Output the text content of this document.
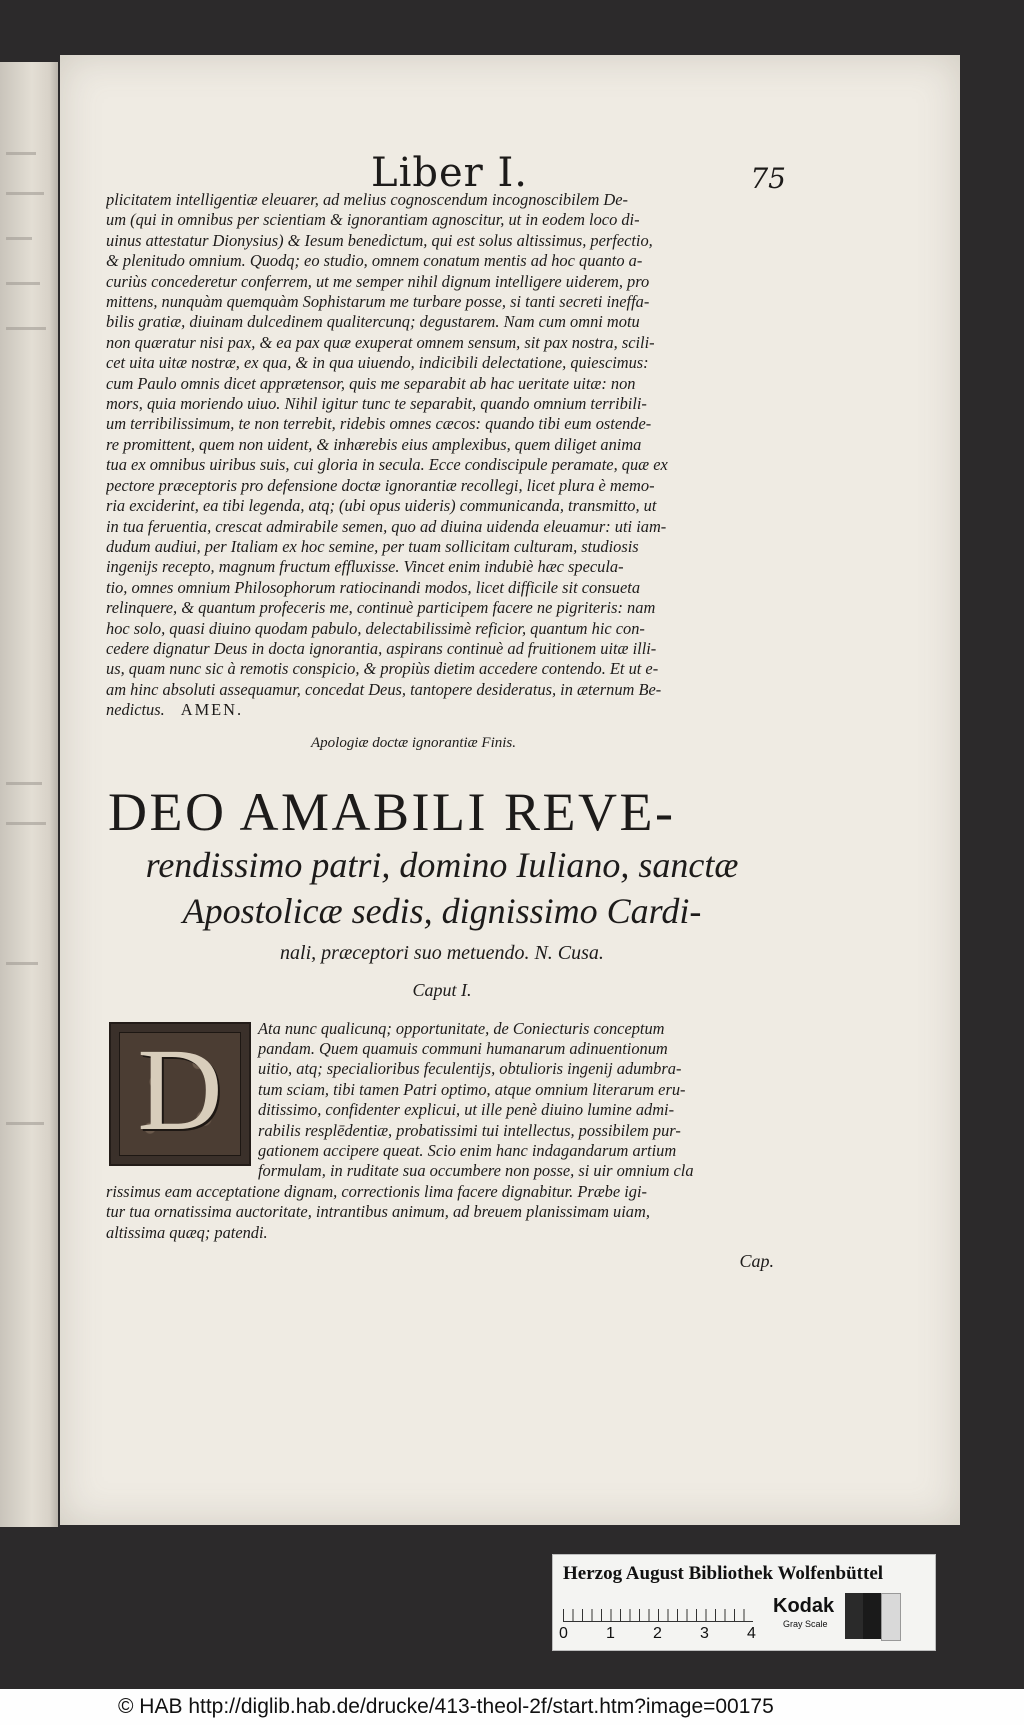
Liber I.	75
plicitatem intelligentiæ eleuarer, ad melius cognoscendum incognoscibilem De-
um (qui in omnibus per scientiam & ignorantiam agnoscitur, ut in eodem loco di-
uinus attestatur Dionysius) & Iesum benedictum, qui est solus altissimus, perfectio,
& plenitudo omnium. Quodq; eo studio, omnem conatum mentis ad hoc quanto a-
curiùs concederetur conferrem, ut me semper nihil dignum intelligere uiderem, pro
mittens, nunquàm quemquàm Sophistarum me turbare posse, si tanti secreti ineffa-
bilis gratiæ, diuinam dulcedinem qualitercunq; degustarem. Nam cum omni motu
non quæratur nisi pax, & ea pax quæ exuperat omnem sensum, sit pax nostra, scili-
cet uita uitæ nostræ, ex qua, & in qua uiuendo, indicibili delectatione, quiescimus:
cum Paulo omnis dicet apprætensor, quis me separabit ab hac ueritate uitæ: non
mors, quia moriendo uiuo. Nihil igitur tunc te separabit, quando omnium terribili-
um terribilissimum, te non terrebit, ridebis omnes cæcos: quando tibi eum ostende-
re promittent, quem non uident, & inhærebis eius amplexibus, quem diliget anima
tua ex omnibus uiribus suis, cui gloria in secula. Ecce condiscipule peramate, quæ ex
pectore præceptoris pro defensione doctæ ignorantiæ recollegi, licet plura è memo-
ria exciderint, ea tibi legenda, atq; (ubi opus uideris) communicanda, transmitto, ut
in tua feruentia, crescat admirabile semen, quo ad diuina uidenda eleuamur: uti iam-
dudum audiui, per Italiam ex hoc semine, per tuam sollicitam culturam, studiosis
ingenijs recepto, magnum fructum effluxisse. Vincet enim indubiè hæc specula-
tio, omnes omnium Philosophorum ratiocinandi modos, licet difficile sit consueta
relinquere, & quantum profeceris me, continuè participem facere ne pigriteris: nam
hoc solo, quasi diuino quodam pabulo, delectabilissimè reficior, quantum hic con-
cedere dignatur Deus in docta ignorantia, aspirans continuè ad fruitionem uitæ illi-
us, quam nunc sic à remotis conspicio, & propiùs dietim accedere contendo. Et ut e-
am hinc absoluti assequamur, concedat Deus, tantopere desideratus, in æternum Be-
nedictus. AMEN.
Apologiæ doctæ ignorantiæ Finis.
DEO AMABILI REVE-
rendissimo patri, domino Iuliano, sanctæ
Apostolicæ sedis, dignissimo Cardi-
nali, præceptori suo metuendo. N. Cusa.
Caput I.
D	Ata nunc qualicunq; opportunitate, de Coniecturis conceptum
pandam. Quem quamuis communi humanarum adinuentionum
uitio, atq; specialioribus feculentijs, obtulioris ingenij adumbra-
tum sciam, tibi tamen Patri optimo, atque omnium literarum eru-
ditissimo, confidenter explicui, ut ille penè diuino lumine admi-
rabilis resplēdentiæ, probatissimi tui intellectus, possibilem pur-
gationem accipere queat. Scio enim hanc indagandarum artium
formulam, in ruditate sua occumbere non posse, si uir omnium cla
rissimus eam acceptatione dignam, correctionis lima facere dignabitur. Præbe igi-
tur tua ornatissima auctoritate, intrantibus animum, ad breuem planissimam uiam,
altissima quæq; patendi.
Cap.
Herzog August Bibliothek Wolfenbüttel
0 1 2 3 4
Kodak
Gray Scale
© HAB http://diglib.hab.de/drucke/413-theol-2f/start.htm?image=00175
